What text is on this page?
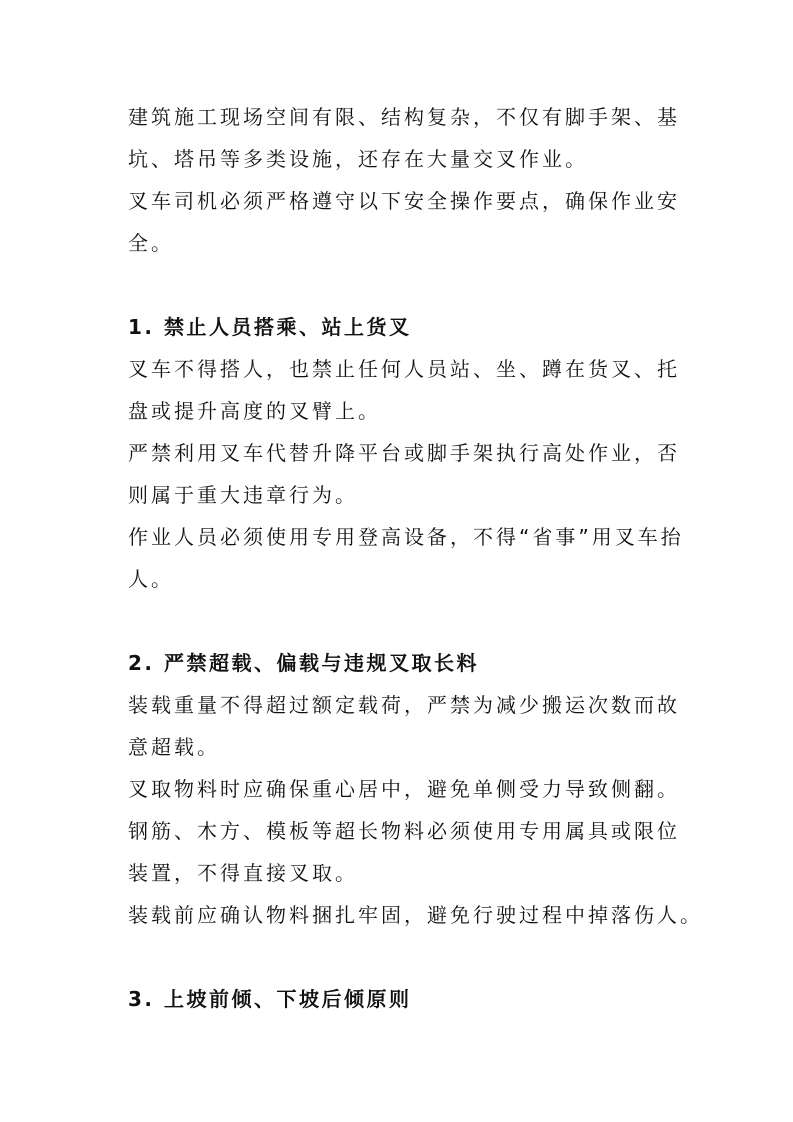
建筑施工现场空间有限、结构复杂，不仅有脚手架、基
坑、塔吊等多类设施，还存在大量交叉作业。
叉车司机必须严格遵守以下安全操作要点，确保作业安
全。
1. 禁止人员搭乘、站上货叉
叉车不得搭人，也禁止任何人员站、坐、蹲在货叉、托
盘或提升高度的叉臂上。
严禁利用叉车代替升降平台或脚手架执行高处作业，否
则属于重大违章行为。
作业人员必须使用专用登高设备，不得“省事”用叉车抬
人。
2. 严禁超载、偏载与违规叉取长料
装载重量不得超过额定载荷，严禁为减少搬运次数而故
意超载。
叉取物料时应确保重心居中，避免单侧受力导致侧翻。
钢筋、木方、模板等超长物料必须使用专用属具或限位
装置，不得直接叉取。
装载前应确认物料捆扎牢固，避免行驶过程中掉落伤人。
3. 上坡前倾、下坡后倾原则
